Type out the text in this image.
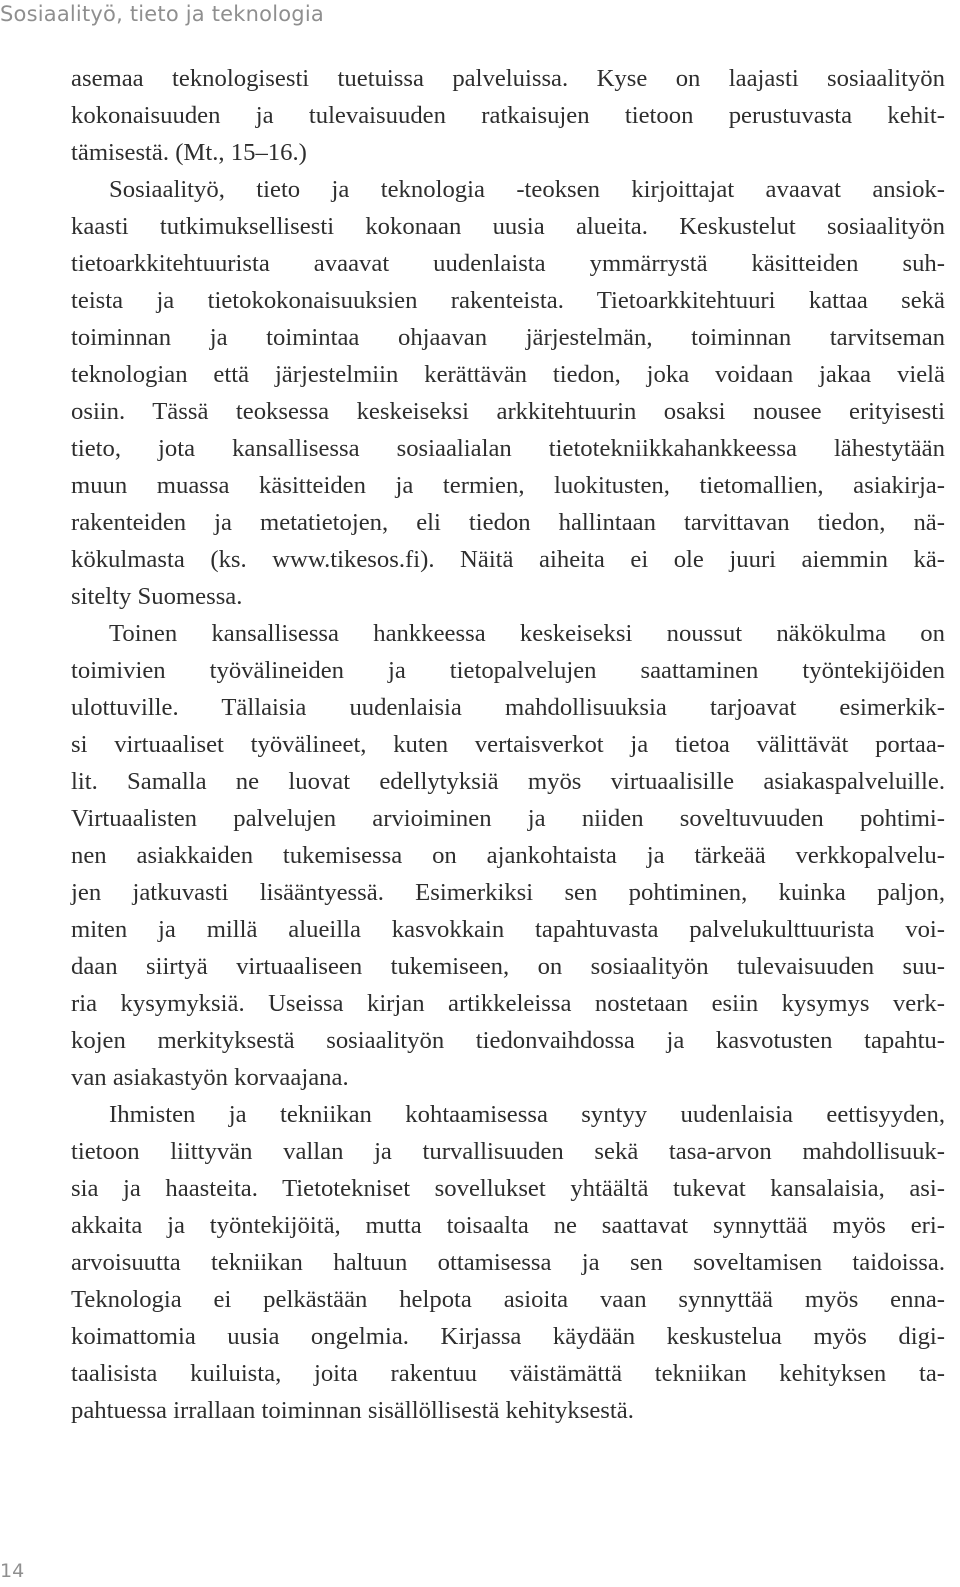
Sosiaalityö, tieto ja teknologia
asemaa teknologisesti tuetuissa palveluissa. Kyse on laajasti sosiaalityön
kokonaisuuden ja tulevaisuuden ratkaisujen tietoon perustuvasta kehit-
tämisestä. (Mt., 15–16.)
Sosiaalityö, tieto ja teknologia -teoksen kirjoittajat avaavat ansiok-
kaasti tutkimuksellisesti kokonaan uusia alueita. Keskustelut sosiaalityön
tietoarkkitehtuurista avaavat uudenlaista ymmärrystä käsitteiden suh-
teista ja tietokokonaisuuksien rakenteista. Tietoarkkitehtuuri kattaa sekä
toiminnan ja toimintaa ohjaavan järjestelmän, toiminnan tarvitseman
teknologian että järjestelmiin kerättävän tiedon, joka voidaan jakaa vielä
osiin. Tässä teoksessa keskeiseksi arkkitehtuurin osaksi nousee erityisesti
tieto, jota kansallisessa sosiaalialan tietotekniikkahankkeessa lähestytään
muun muassa käsitteiden ja termien, luokitusten, tietomallien, asiakirja-
rakenteiden ja metatietojen, eli tiedon hallintaan tarvittavan tiedon, nä-
kökulmasta (ks. www.tikesos.fi). Näitä aiheita ei ole juuri aiemmin kä-
sitelty Suomessa.
Toinen kansallisessa hankkeessa keskeiseksi noussut näkökulma on
toimivien työvälineiden ja tietopalvelujen saattaminen työntekijöiden
ulottuville. Tällaisia uudenlaisia mahdollisuuksia tarjoavat esimerkik-
si virtuaaliset työvälineet, kuten vertaisverkot ja tietoa välittävät portaa-
lit. Samalla ne luovat edellytyksiä myös virtuaalisille asiakaspalveluille.
Virtuaalisten palvelujen arvioiminen ja niiden soveltuvuuden pohtimi-
nen asiakkaiden tukemisessa on ajankohtaista ja tärkeää verkkopalvelu-
jen jatkuvasti lisääntyessä. Esimerkiksi sen pohtiminen, kuinka paljon,
miten ja millä alueilla kasvokkain tapahtuvasta palvelukulttuurista voi-
daan siirtyä virtuaaliseen tukemiseen, on sosiaalityön tulevaisuuden suu-
ria kysymyksiä. Useissa kirjan artikkeleissa nostetaan esiin kysymys verk-
kojen merkityksestä sosiaalityön tiedonvaihdossa ja kasvotusten tapahtu-
van asiakastyön korvaajana.
Ihmisten ja tekniikan kohtaamisessa syntyy uudenlaisia eettisyyden,
tietoon liittyvän vallan ja turvallisuuden sekä tasa-arvon mahdollisuuk-
sia ja haasteita. Tietotekniset sovellukset yhtäältä tukevat kansalaisia, asi-
akkaita ja työntekijöitä, mutta toisaalta ne saattavat synnyttää myös eri-
arvoisuutta tekniikan haltuun ottamisessa ja sen soveltamisen taidoissa.
Teknologia ei pelkästään helpota asioita vaan synnyttää myös enna-
koimattomia uusia ongelmia. Kirjassa käydään keskustelua myös digi-
taalisista kuiluista, joita rakentuu väistämättä tekniikan kehityksen ta-
pahtuessa irrallaan toiminnan sisällöllisestä kehityksestä.
14
